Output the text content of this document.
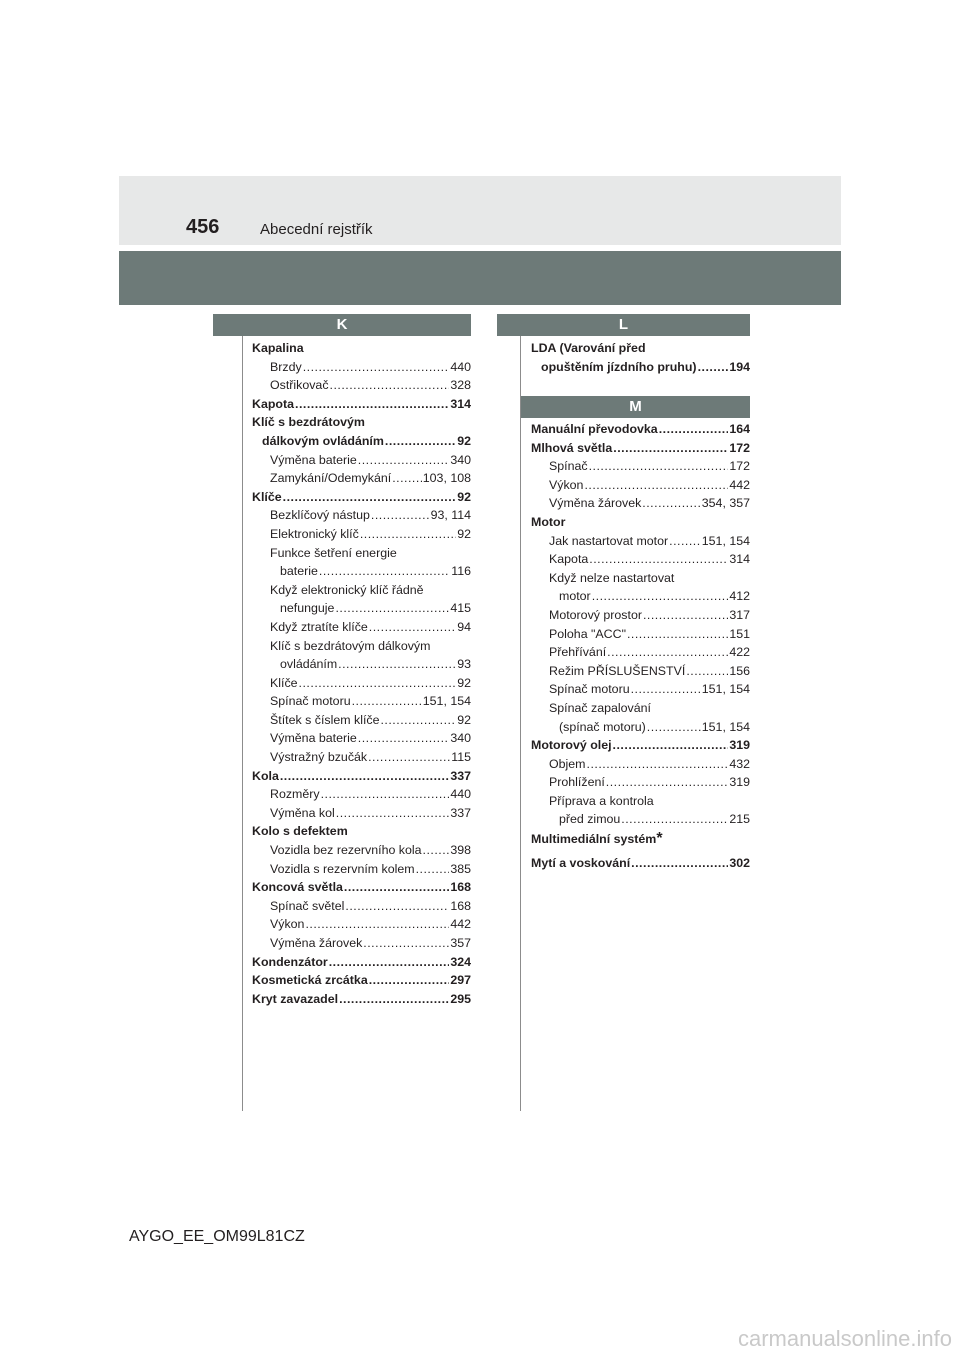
456	Abecední rejstřík
K	L
M
Kapalina
Brzdy .....	440
Ostřikovač .....	328
Kapota .....	314
Klíč s bezdrátovým
dálkovým ovládáním .....	92
Výměna baterie .....	340
Zamykání/Odemykání .....	103, 108
Klíče .....	92
Bezklíčový nástup .....	93, 114
Elektronický klíč .....	92
Funkce šetření energie
baterie .....	116
Když elektronický klíč řádně
nefunguje .....	415
Když ztratíte klíče .....	94
Klíč s bezdrátovým dálkovým
ovládáním .....	93
Klíče .....	92
Spínač motoru .....	151, 154
Štítek s číslem klíče .....	92
Výměna baterie .....	340
Výstražný bzučák .....	115
Kola .....	337
Rozměry .....	440
Výměna kol .....	337
Kolo s defektem
Vozidla bez rezervního kola ..... 398
Vozidla s rezervním kolem .....	385
Koncová světla .....	168
Spínač světel .....	168
Výkon .....	442
Výměna žárovek .....	357
Kondenzátor .....	324
Kosmetická zrcátka .....	297
Kryt zavazadel .....	295
LDA (Varování před
opuštěním jízdního pruhu) .....	194
Manuální převodovka .....	164
Mlhová světla .....	172
Spínač .....	172
Výkon .....	442
Výměna žárovek .....	354, 357
Motor
Jak nastartovat motor .....	151, 154
Kapota .....	314
Když nelze nastartovat
motor .....	412
Motorový prostor .....	317
Poloha "ACC" .....	151
Přehřívání .....	422
Režim PŘÍSLUŠENSTVÍ .....	156
Spínač motoru .....	151, 154
Spínač zapalování
(spínač motoru) .....	151, 154
Motorový olej .....	319
Objem .....	432
Prohlížení .....	319
Příprava a kontrola
před zimou .....	215
Multimediální systém *
Mytí a voskování .....	302
AYGO_EE_OM99L81CZ
carmanualsonline.info
